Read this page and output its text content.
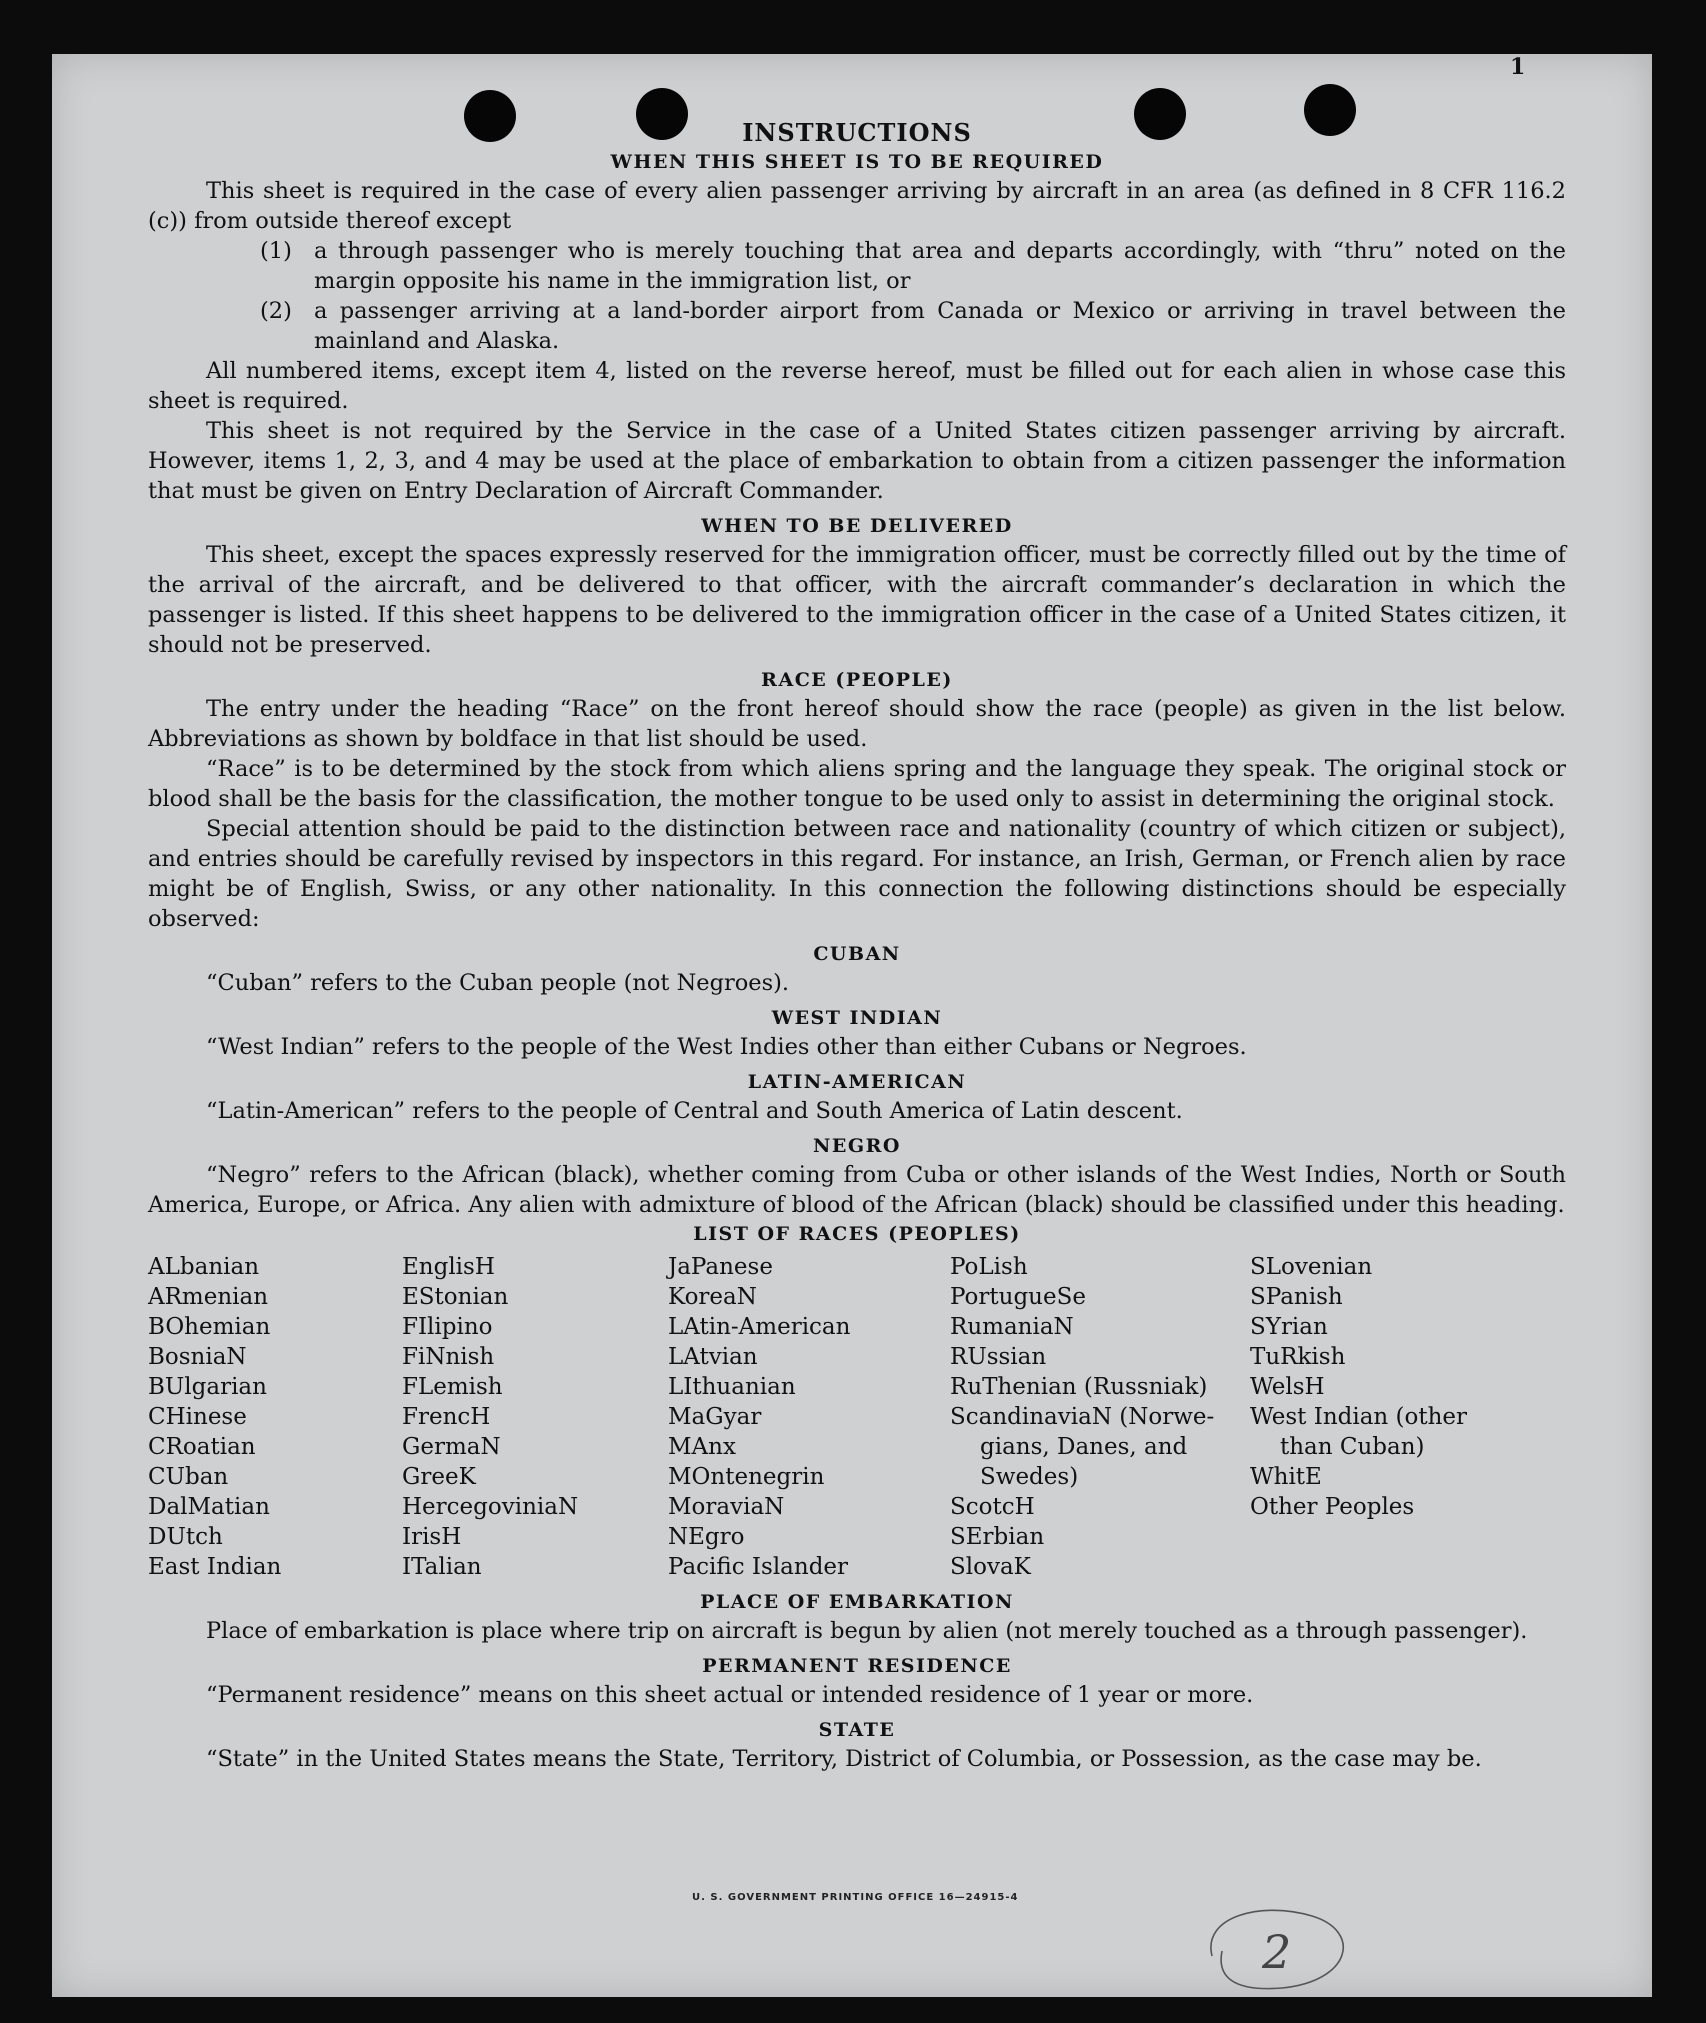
1
INSTRUCTIONS
WHEN THIS SHEET IS TO BE REQUIRED

This sheet is required in the case of every alien passenger arriving by aircraft in an area (as defined in 8 CFR 116.2 (c)) from outside thereof except

(1) a through passenger who is merely touching that area and departs accordingly, with “thru” noted on the margin opposite his name in the immigration list, or
(2) a passenger arriving at a land-border airport from Canada or Mexico or arriving in travel between the mainland and Alaska.

All numbered items, except item 4, listed on the reverse hereof, must be filled out for each alien in whose case this sheet is required.

This sheet is not required by the Service in the case of a United States citizen passenger arriving by aircraft. However, items 1, 2, 3, and 4 may be used at the place of embarkation to obtain from a citizen passenger the information that must be given on Entry Declaration of Aircraft Commander.

WHEN TO BE DELIVERED

This sheet, except the spaces expressly reserved for the immigration officer, must be correctly filled out by the time of the arrival of the aircraft, and be delivered to that officer, with the aircraft commander’s declaration in which the passenger is listed. If this sheet happens to be delivered to the immigration officer in the case of a United States citizen, it should not be preserved.

RACE (PEOPLE)

The entry under the heading “Race” on the front hereof should show the race (people) as given in the list below. Abbreviations as shown by boldface in that list should be used.

“Race” is to be determined by the stock from which aliens spring and the language they speak. The original stock or blood shall be the basis for the classification, the mother tongue to be used only to assist in determining the original stock.

Special attention should be paid to the distinction between race and nationality (country of which citizen or subject), and entries should be carefully revised by inspectors in this regard. For instance, an Irish, German, or French alien by race might be of English, Swiss, or any other nationality. In this connection the following distinctions should be especially observed:

CUBAN

“Cuban” refers to the Cuban people (not Negroes).

WEST INDIAN

“West Indian” refers to the people of the West Indies other than either Cubans or Negroes.

LATIN-AMERICAN

“Latin-American” refers to the people of Central and South America of Latin descent.

NEGRO

“Negro” refers to the African (black), whether coming from Cuba or other islands of the West Indies, North or South America, Europe, or Africa. Any alien with admixture of blood of the African (black) should be classified under this heading.

LIST OF RACES (PEOPLES)
ALbanian
ARmenian
BOhemian
BosniaN
BUlgarian
CHinese
CRoatian
CUban
DalMatian
DUtch
East Indian
EnglisH
EStonian
FIlipino
FiNnish
FLemish
FrencH
GermaN
GreeK
HercegoviniaN
IrisH
ITalian
JaPanese
KoreaN
LAtin-American
LAtvian
LIthuanian
MaGyar
MAnx
MOntenegrin
MoraviaN
NEgro
Pacific Islander
PoLish
PortugueSe
RumaniaN
RUssian
RuThenian (Russniak)
ScandinaviaN (Norwe-
gians, Danes, and
Swedes)
ScotcH
SErbian
SlovaK
SLovenian
SPanish
SYrian
TuRkish
WelsH
West Indian (other
than Cuban)
WhitE
Other Peoples
PLACE OF EMBARKATION

Place of embarkation is place where trip on aircraft is begun by alien (not merely touched as a through passenger).

PERMANENT RESIDENCE

“Permanent residence” means on this sheet actual or intended residence of 1 year or more.

STATE

“State” in the United States means the State, Territory, District of Columbia, or Possession, as the case may be.

U. S. GOVERNMENT PRINTING OFFICE 16—24915-4
2
